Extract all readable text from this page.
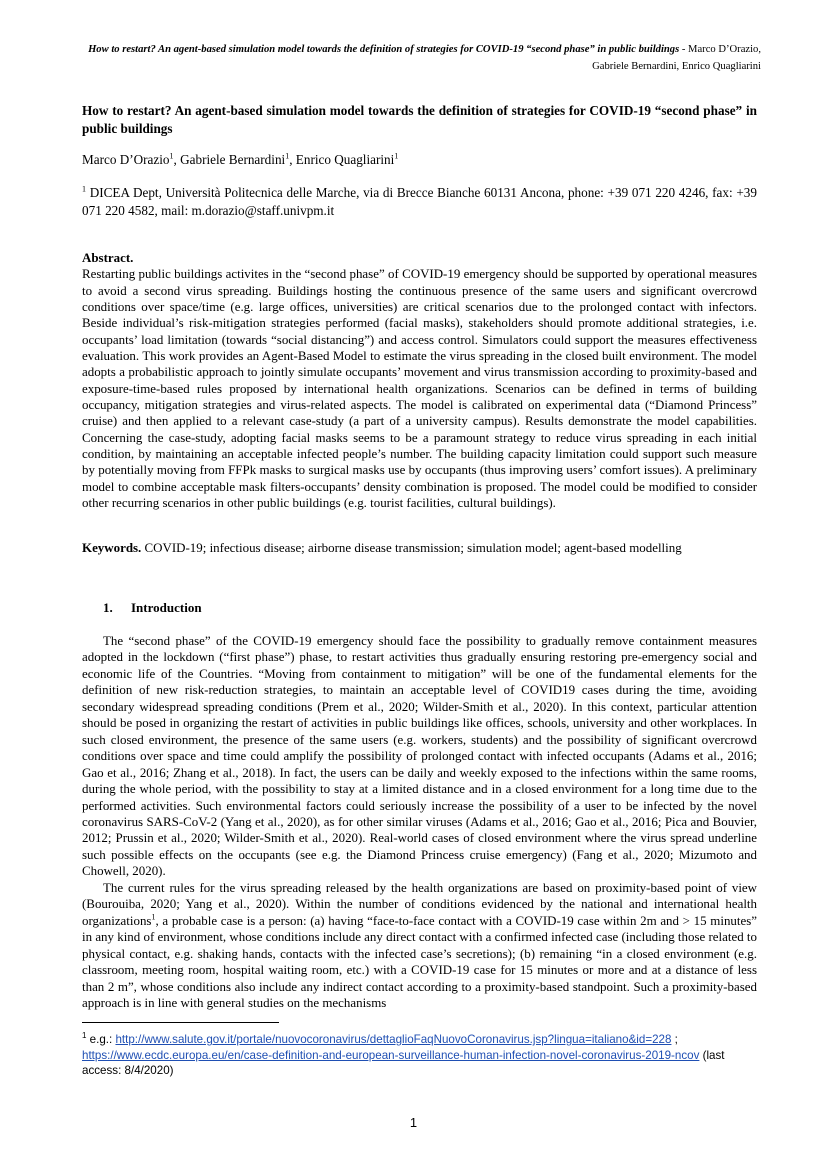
How to restart? An agent-based simulation model towards the definition of strategies for COVID-19 “second phase” in public buildings - Marco D’Orazio, Gabriele Bernardini, Enrico Quagliarini
How to restart? An agent-based simulation model towards the definition of strategies for COVID-19 “second phase” in public buildings
Marco D’Orazio$^1$, Gabriele Bernardini$^1$, Enrico Quagliarini$^1$
$^1$ DICEA Dept, Università Politecnica delle Marche, via di Brecce Bianche 60131 Ancona, phone: +39 071 220 4246, fax: +39 071 220 4582, mail: m.dorazio@staff.univpm.it
Abstract.
Restarting public buildings activites in the “second phase” of COVID-19 emergency should be supported by operational measures to avoid a second virus spreading. Buildings hosting the continuous presence of the same users and significant overcrowd conditions over space/time (e.g. large offices, universities) are critical scenarios due to the prolonged contact with infectors. Beside individual’s risk-mitigation strategies performed (facial masks), stakeholders should promote additional strategies, i.e. occupants’ load limitation (towards “social distancing”) and access control. Simulators could support the measures effectiveness evaluation. This work provides an Agent-Based Model to estimate the virus spreading in the closed built environment. The model adopts a probabilistic approach to jointly simulate occupants’ movement and virus transmission according to proximity-based and exposure-time-based rules proposed by international health organizations. Scenarios can be defined in terms of building occupancy, mitigation strategies and virus-related aspects. The model is calibrated on experimental data (“Diamond Princess” cruise) and then applied to a relevant case-study (a part of a university campus). Results demonstrate the model capabilities. Concerning the case-study, adopting facial masks seems to be a paramount strategy to reduce virus spreading in each initial condition, by maintaining an acceptable infected people’s number. The building capacity limitation could support such measure by potentially moving from FFPk masks to surgical masks use by occupants (thus improving users’ comfort issues). A preliminary model to combine acceptable mask filters-occupants’ density combination is proposed. The model could be modified to consider other recurring scenarios in other public buildings (e.g. tourist facilities, cultural buildings).
Keywords. COVID-19; infectious disease; airborne disease transmission; simulation model; agent-based modelling
1. Introduction

The “second phase” of the COVID-19 emergency should face the possibility to gradually remove containment measures adopted in the lockdown (“first phase”) phase, to restart activities thus gradually ensuring restoring pre-emergency social and economic life of the Countries. “Moving from containment to mitigation” will be one of the fundamental elements for the definition of new risk-reduction strategies, to maintain an acceptable level of COVID19 cases during the time, avoiding secondary widespread spreading conditions (Prem et al., 2020; Wilder-Smith et al., 2020). In this context, particular attention should be posed in organizing the restart of activities in public buildings like offices, schools, university and other workplaces. In such closed environment, the presence of the same users (e.g. workers, students) and the possibility of significant overcrowd conditions over space and time could amplify the possibility of prolonged contact with infected occupants (Adams et al., 2016; Gao et al., 2016; Zhang et al., 2018). In fact, the users can be daily and weekly exposed to the infections within the same rooms, during the whole period, with the possibility to stay at a limited distance and in a closed environment for a long time due to the performed activities. Such environmental factors could seriously increase the possibility of a user to be infected by the novel coronavirus SARS-CoV-2 (Yang et al., 2020), as for other similar viruses (Adams et al., 2016; Gao et al., 2016; Pica and Bouvier, 2012; Prussin et al., 2020; Wilder-Smith et al., 2020). Real-world cases of closed environment where the virus spread underline such possible effects on the occupants (see e.g. the Diamond Princess cruise emergency) (Fang et al., 2020; Mizumoto and Chowell, 2020).

The current rules for the virus spreading released by the health organizations are based on proximity-based point of view (Bourouiba, 2020; Yang et al., 2020). Within the number of conditions evidenced by the national and international health organizations$^1$, a probable case is a person: (a) having “face-to-face contact with a COVID-19 case within 2m and > 15 minutes” in any kind of environment, whose conditions include any direct contact with a confirmed infected case (including those related to physical contact, e.g. shaking hands, contacts with the infected case’s secretions); (b) remaining “in a closed environment (e.g. classroom, meeting room, hospital waiting room, etc.) with a COVID-19 case for 15 minutes or more and at a distance of less than 2 m”, whose conditions also include any indirect contact according to a proximity-based standpoint. Such a proximity-based approach is in line with general studies on the mechanisms

$^1$ e.g.: http://www.salute.gov.it/portale/nuovocoronavirus/dettaglioFaqNuovoCoronavirus.jsp?lingua=italiano&id=228 ; https://www.ecdc.europa.eu/en/case-definition-and-european-surveillance-human-infection-novel-coronavirus-2019-ncov (last access: 8/4/2020)
1
